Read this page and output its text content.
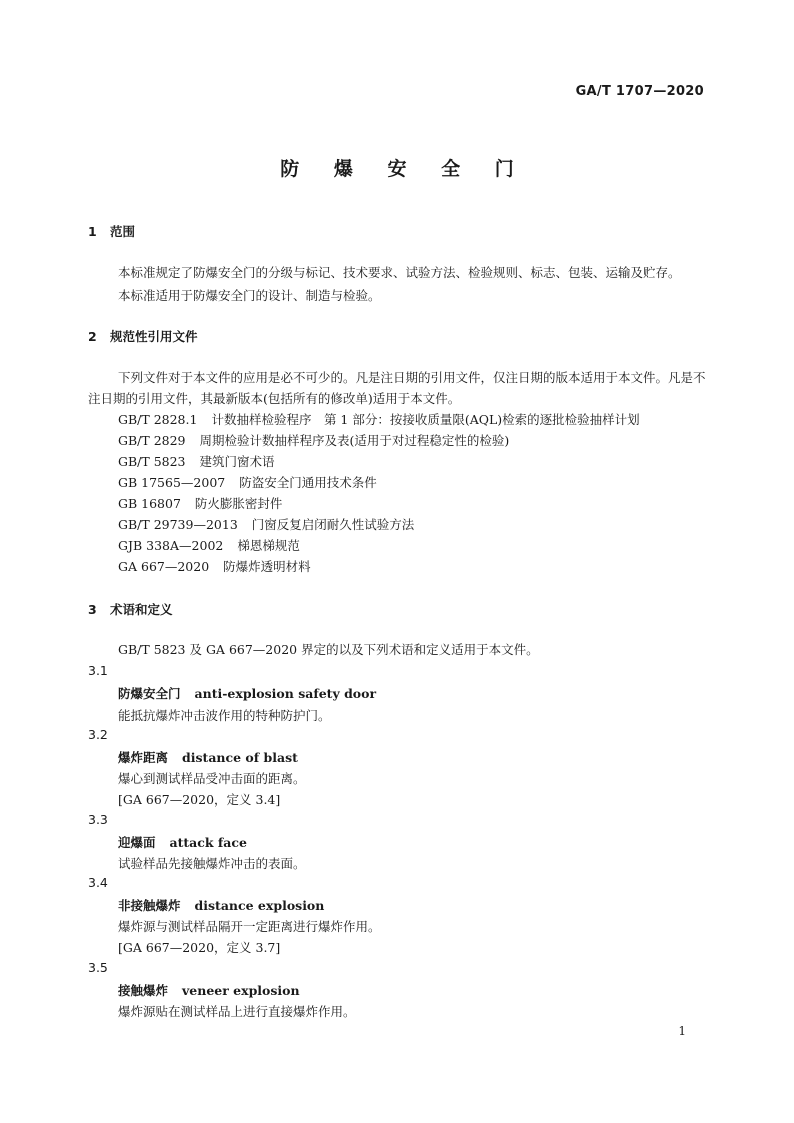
GA/T 1707—2020
防 爆 安 全 门
1 范围
本标准规定了防爆安全门的分级与标记、技术要求、试验方法、检验规则、标志、包装、运输及贮存。
本标准适用于防爆安全门的设计、制造与检验。
2 规范性引用文件
下列文件对于本文件的应用是必不可少的。凡是注日期的引用文件，仅注日期的版本适用于本文件。凡是不注日期的引用文件，其最新版本(包括所有的修改单)适用于本文件。
GB/T 2828.1 计数抽样检验程序　第 1 部分：按接收质量限(AQL)检索的逐批检验抽样计划
GB/T 2829 周期检验计数抽样程序及表(适用于对过程稳定性的检验)
GB/T 5823 建筑门窗术语
GB 17565—2007 防盗安全门通用技术条件
GB 16807 防火膨胀密封件
GB/T 29739—2013 门窗反复启闭耐久性试验方法
GJB 338A—2002 梯恩梯规范
GA 667—2020 防爆炸透明材料
3 术语和定义
GB/T 5823 及 GA 667—2020 界定的以及下列术语和定义适用于本文件。
3.1
防爆安全门 anti-explosion safety door
能抵抗爆炸冲击波作用的特种防护门。
3.2
爆炸距离 distance of blast
爆心到测试样品受冲击面的距离。
[GA 667—2020，定义 3.4]
3.3
迎爆面 attack face
试验样品先接触爆炸冲击的表面。
3.4
非接触爆炸 distance explosion
爆炸源与测试样品隔开一定距离进行爆炸作用。
[GA 667—2020，定义 3.7]
3.5
接触爆炸 veneer explosion
爆炸源贴在测试样品上进行直接爆炸作用。
1
